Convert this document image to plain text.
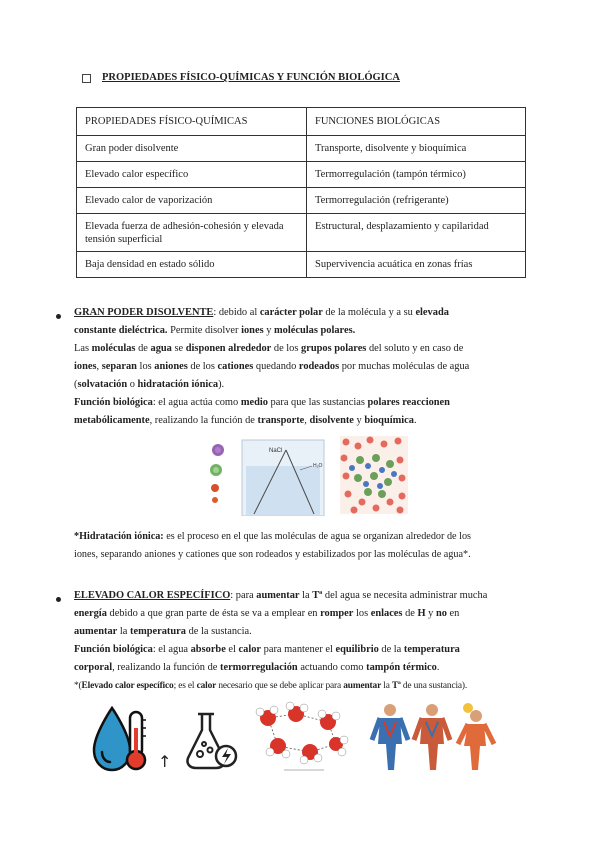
PROPIEDADES FÍSICO-QUÍMICAS Y FUNCIÓN BIOLÓGICA
PROPIEDADES FÍSICO-QUÍMICAS	FUNCIONES BIOLÓGICAS
Gran poder disolvente	Transporte, disolvente y bioquímica
Elevado calor específico	Termorregulación (tampón térmico)
Elevado calor de vaporización	Termorregulación (refrigerante)
Elevada fuerza de adhesión-cohesión y elevada tensión superficial	Estructural, desplazamiento y capilaridad
Baja densidad en estado sólido	Supervivencia acuática en zonas frías
GRAN PODER DISOLVENTE: debido al carácter polar de la molécula y a su elevada
constante dieléctrica. Permite disolver iones y moléculas polares.
Las moléculas de agua se disponen alrededor de los grupos polares del soluto y en caso de
iones, separan los aniones de los cationes quedando rodeados por muchas moléculas de agua
(solvatación o hidratación iónica).
Función biológica: el agua actúa como medio para que las sustancias polares reaccionen
metabólicamente, realizando la función de transporte, disolvente y bioquímica.
NaCl
H₂O
*Hidratación iónica: es el proceso en el que las moléculas de agua se organizan alrededor de los
iones, separando aniones y cationes que son rodeados y estabilizados por las moléculas de agua*.
ELEVADO CALOR ESPECÍFICO: para aumentar la Tª del agua se necesita administrar mucha
energía debido a que gran parte de ésta se va a emplear en romper los enlaces de H y no en
aumentar la temperatura de la sustancia.
Función biológica: el agua absorbe el calor para mantener el equilibrio de la temperatura
corporal, realizando la función de termorregulación actuando como tampón térmico.
*(Elevado calor específico; es el calor necesario que se debe aplicar para aumentar la Tª de una sustancia).
↑
